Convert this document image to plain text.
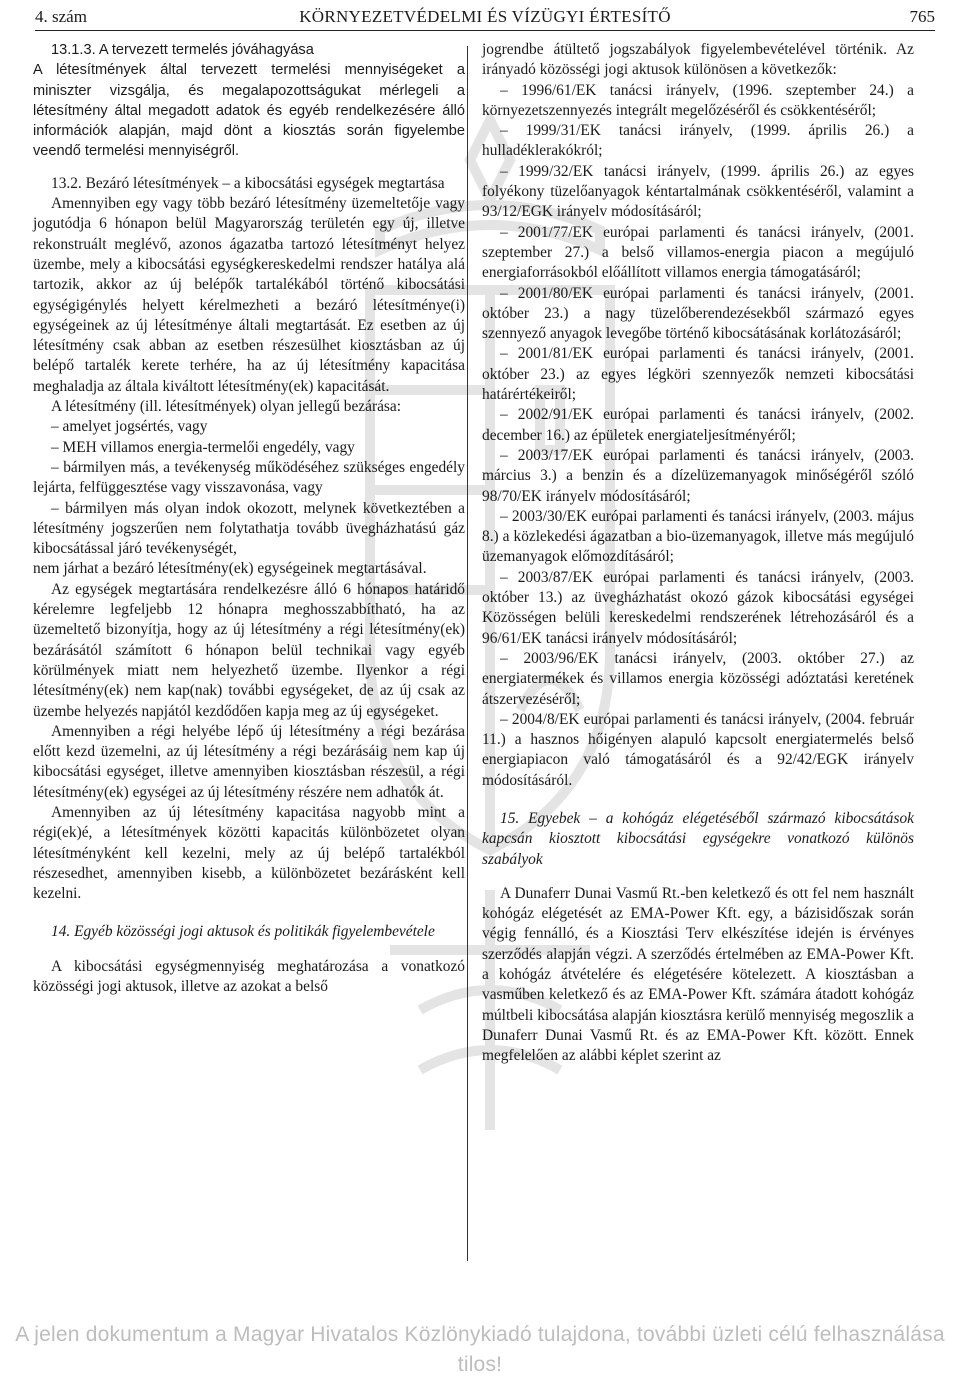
4. szám	KÖRNYEZETVÉDELMI ÉS VÍZÜGYI ÉRTESÍTŐ	765

13.1.3. A tervezett termelés jóváhagyása

A létesítmények által tervezett termelési mennyiségeket a miniszter vizsgálja, és megalapozottságukat mérlegeli a létesítmény által megadott adatok és egyéb rendelkezésére álló információk alapján, majd dönt a kiosztás során figyelembe veendő termelési mennyiségről.

13.2. Bezáró létesítmények – a kibocsátási egységek megtartása

Amennyiben egy vagy több bezáró létesítmény üzemeltetője vagy jogutódja 6 hónapon belül Magyarország területén egy új, illetve rekonstruált meglévő, azonos ágazatba tartozó létesítményt helyez üzembe, mely a kibocsátási egységkereskedelmi rendszer hatálya alá tartozik, akkor az új belépők tartalékából történő kibocsátási egységigénylés helyett kérelmezheti a bezáró létesítménye(i) egységeinek az új létesítménye általi megtartását. Ez esetben az új létesítmény csak abban az esetben részesülhet kiosztásban az új belépő tartalék kerete terhére, ha az új létesítmény kapacitása meghaladja az általa kiváltott létesítmény(ek) kapacitását.

A létesítmény (ill. létesítmények) olyan jellegű bezárása:

– amelyet jogsértés, vagy

– MEH villamos energia-termelői engedély, vagy

– bármilyen más, a tevékenység működéséhez szükséges engedély lejárta, felfüggesztése vagy visszavonása, vagy

– bármilyen más olyan indok okozott, melynek következtében a létesítmény jogszerűen nem folytathatja tovább üvegházhatású gáz kibocsátással járó tevékenységét,

nem járhat a bezáró létesítmény(ek) egységeinek megtartásával.

Az egységek megtartására rendelkezésre álló 6 hónapos határidő kérelemre legfeljebb 12 hónapra meghosszabbítható, ha az üzemeltető bizonyítja, hogy az új létesítmény a régi létesítmény(ek) bezárásától számított 6 hónapon belül technikai vagy egyéb körülmények miatt nem helyezhető üzembe. Ilyenkor a régi létesítmény(ek) nem kap(nak) további egységeket, de az új csak az üzembe helyezés napjától kezdődően kapja meg az új egységeket.

Amennyiben a régi helyébe lépő új létesítmény a régi bezárása előtt kezd üzemelni, az új létesítmény a régi bezárásáig nem kap új kibocsátási egységet, illetve amennyiben kiosztásban részesül, a régi létesítmény(ek) egységei az új létesítmény részére nem adhatók át.

Amennyiben az új létesítmény kapacitása nagyobb mint a régi(ek)é, a létesítmények közötti kapacitás különbözetet olyan létesítményként kell kezelni, mely az új belépő tartalékból részesedhet, amennyiben kisebb, a különbözetet bezárásként kell kezelni.

14. Egyéb közösségi jogi aktusok és politikák figyelembevétele

A kibocsátási egységmennyiség meghatározása a vonatkozó közösségi jogi aktusok, illetve az azokat a belső

jogrendbe átültető jogszabályok figyelembevételével történik. Az irányadó közösségi jogi aktusok különösen a következők:

– 1996/61/EK tanácsi irányelv, (1996. szeptember 24.) a környezetszennyezés integrált megelőzéséről és csökkentéséről;

– 1999/31/EK tanácsi irányelv, (1999. április 26.) a hulladéklerakókról;

– 1999/32/EK tanácsi irányelv, (1999. április 26.) az egyes folyékony tüzelőanyagok kéntartalmának csökkentéséről, valamint a 93/12/EGK irányelv módosításáról;

– 2001/77/EK európai parlamenti és tanácsi irányelv, (2001. szeptember 27.) a belső villamos-energia piacon a megújuló energiaforrásokból előállított villamos energia támogatásáról;

– 2001/80/EK európai parlamenti és tanácsi irányelv, (2001. október 23.) a nagy tüzelőberendezésekből származó egyes szennyező anyagok levegőbe történő kibocsátásának korlátozásáról;

– 2001/81/EK európai parlamenti és tanácsi irányelv, (2001. október 23.) az egyes légköri szennyezők nemzeti kibocsátási határértékeiről;

– 2002/91/EK európai parlamenti és tanácsi irányelv, (2002. december 16.) az épületek energiateljesítményéről;

– 2003/17/EK európai parlamenti és tanácsi irányelv, (2003. március 3.) a benzin és a dízelüzemanyagok minőségéről szóló 98/70/EK irányelv módosításáról;

– 2003/30/EK európai parlamenti és tanácsi irányelv, (2003. május 8.) a közlekedési ágazatban a bio-üzemanyagok, illetve más megújuló üzemanyagok előmozdításáról;

– 2003/87/EK európai parlamenti és tanácsi irányelv, (2003. október 13.) az üvegházhatást okozó gázok kibocsátási egységei Közösségen belüli kereskedelmi rendszerének létrehozásáról és a 96/61/EK tanácsi irányelv módosításáról;

– 2003/96/EK tanácsi irányelv, (2003. október 27.) az energiatermékek és villamos energia közösségi adóztatási keretének átszervezéséről;

– 2004/8/EK európai parlamenti és tanácsi irányelv, (2004. február 11.) a hasznos hőigényen alapuló kapcsolt energiatermelés belső energiapiacon való támogatásáról és a 92/42/EGK irányelv módosításáról.

15. Egyebek – a kohógáz elégetéséből származó kibocsátások kapcsán kiosztott kibocsátási egységekre vonatkozó különös szabályok

A Dunaferr Dunai Vasmű Rt.-ben keletkező és ott fel nem használt kohógáz elégetését az EMA-Power Kft. egy, a bázisidőszak során végig fennálló, és a Kiosztási Terv elkészítése idején is érvényes szerződés alapján végzi. A szerződés értelmében az EMA-Power Kft. a kohógáz átvételére és elégetésére kötelezett. A kiosztásban a vasműben keletkező és az EMA-Power Kft. számára átadott kohógáz múltbeli kibocsátása alapján kiosztásra kerülő mennyiség megoszlik a Dunaferr Dunai Vasmű Rt. és az EMA-Power Kft. között. Ennek megfelelően az alábbi képlet szerint az

A jelen dokumentum a Magyar Hivatalos Közlönykiadó tulajdona, további üzleti célú felhasználása tilos!
